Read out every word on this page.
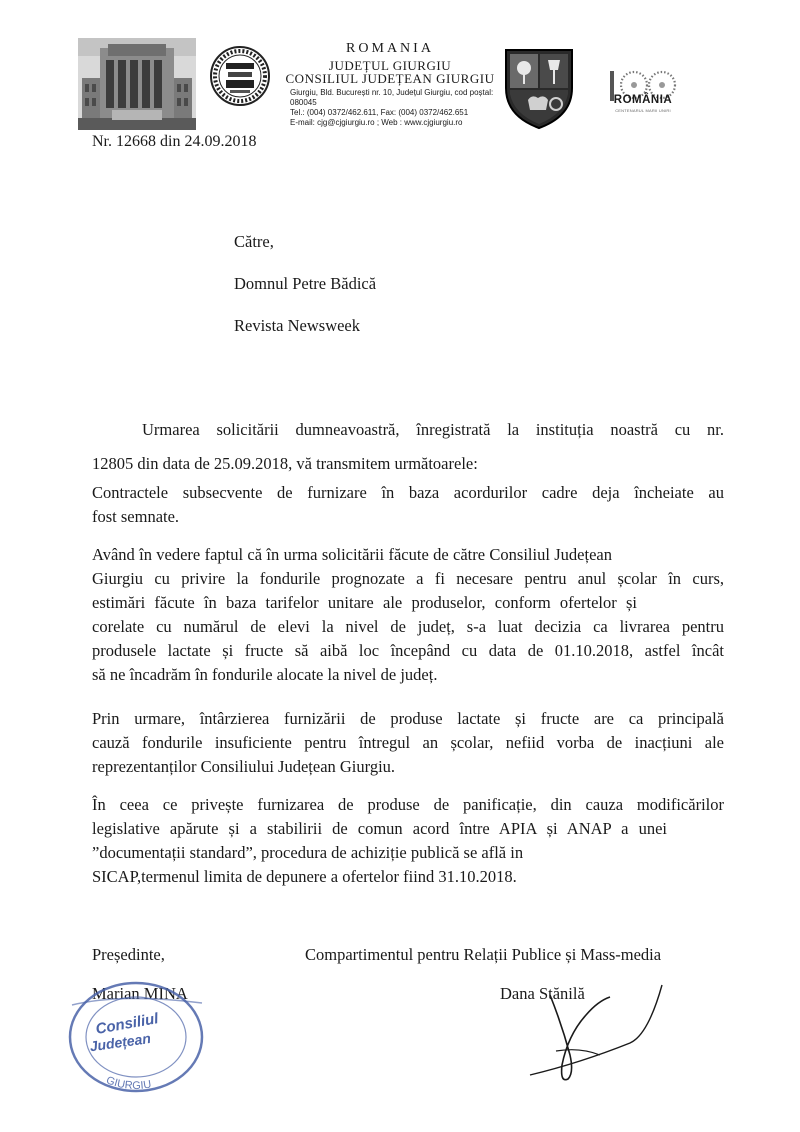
ROMANIA
JUDEȚUL GIURGIU
CONSILIUL JUDEȚEAN GIURGIU
Giurgiu, Bld. București nr. 10, Județul Giurgiu, cod poștal: 080045
Tel.: (004) 0372/462.611, Fax: (004) 0372/462.651
E-mail: cjg@cjgiurgiu.ro ; Web : www.cjgiurgiu.ro
ROMÂNIA
CENTENARUL MARII UNIRI
Nr. 12668 din 24.09.2018
Către,
Domnul Petre Bădică
Revista Newsweek
Urmarea solicitării dumneavoastră, înregistrată la instituția noastră cu nr.
12805 din data de 25.09.2018, vă transmitem următoarele:
Contractele subsecvente de furnizare în baza acordurilor cadre deja încheiate au
fost semnate.
Având în vedere faptul că în urma solicitării făcute de către Consiliul Județean
Giurgiu cu privire la fondurile prognozate a fi necesare pentru anul școlar în curs,
estimări făcute în baza tarifelor unitare ale produselor, conform ofertelor și
corelate cu numărul de elevi la nivel de județ, s-a luat decizia ca livrarea pentru
produsele lactate și fructe să aibă loc începând cu data de 01.10.2018, astfel încât
să ne încadrăm în fondurile alocate la nivel de județ.
Prin urmare, întârzierea furnizării de produse lactate și fructe are ca principală
cauză fondurile insuficiente pentru întregul an școlar, nefiid vorba de inacțiuni ale
reprezentanților Consiliului Județean Giurgiu.
În ceea ce privește furnizarea de produse de panificație, din cauza modificărilor
legislative apărute și a stabilirii de comun acord între APIA și ANAP a unei
”documentații standard”, procedura de achiziție publică se află in
SICAP,termenul limita de depunere a ofertelor fiind 31.10.2018.
Președinte,
Marian MINA
Compartimentul pentru Relații Publice și Mass-media
Dana Stănilă
Consiliul
Județean
GIURGIU
